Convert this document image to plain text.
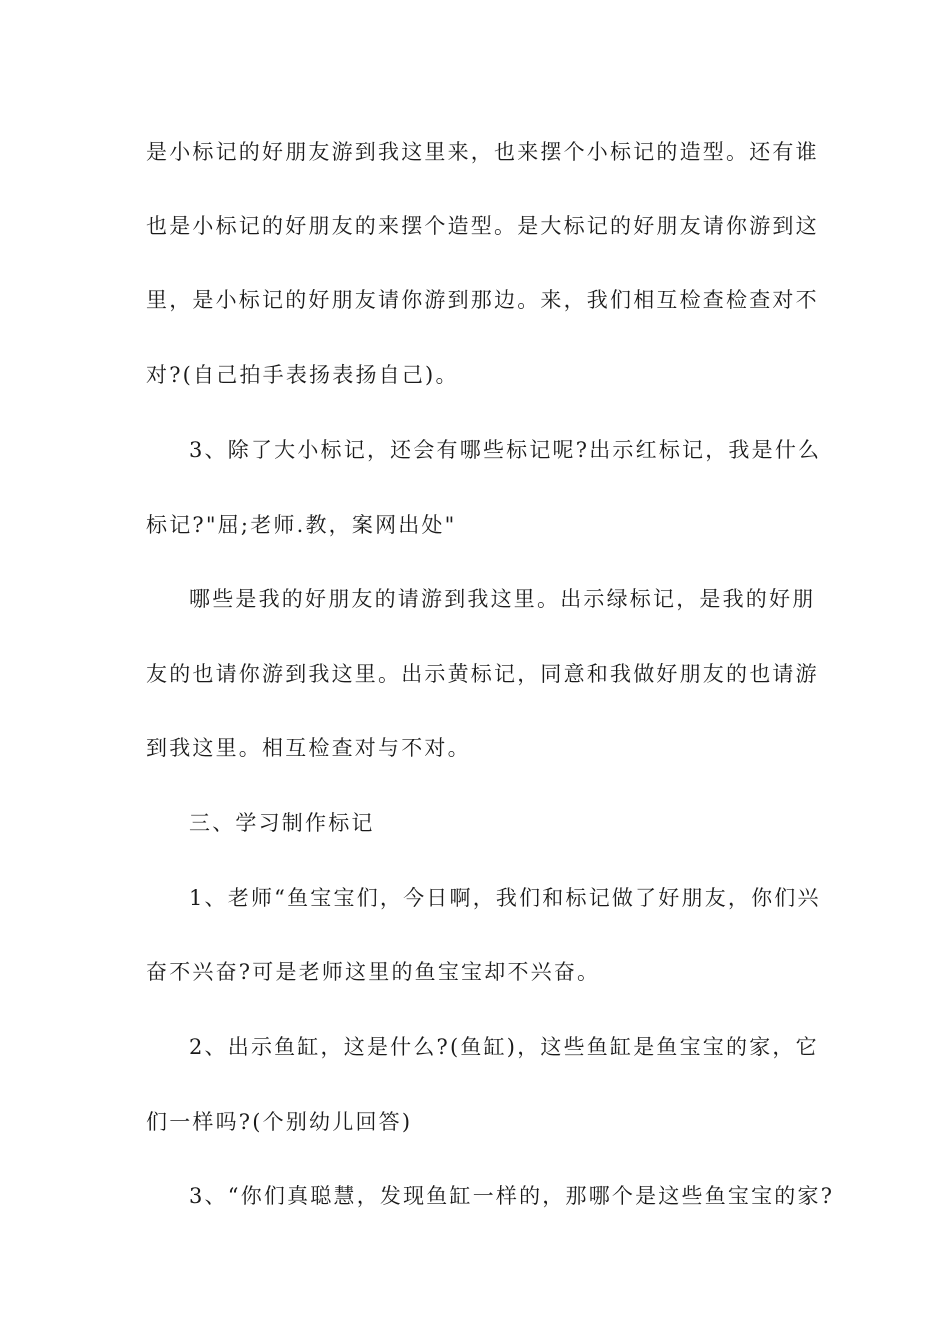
是小标记的好朋友游到我这里来，也来摆个小标记的造型。还有谁
也是小标记的好朋友的来摆个造型。是大标记的好朋友请你游到这
里，是小标记的好朋友请你游到那边。来，我们相互检查检查对不
对?(自己拍手表扬表扬自己)。
3、除了大小标记，还会有哪些标记呢?出示红标记，我是什么
标记?"屈;老师.教，案网出处"
哪些是我的好朋友的请游到我这里。出示绿标记，是我的好朋
友的也请你游到我这里。出示黄标记，同意和我做好朋友的也请游
到我这里。相互检查对与不对。
三、学习制作标记
1、老师“鱼宝宝们，今日啊，我们和标记做了好朋友，你们兴
奋不兴奋?可是老师这里的鱼宝宝却不兴奋。
2、出示鱼缸，这是什么?(鱼缸)，这些鱼缸是鱼宝宝的家，它
们一样吗?(个别幼儿回答)
3、“你们真聪慧，发现鱼缸一样的，那哪个是这些鱼宝宝的家?
